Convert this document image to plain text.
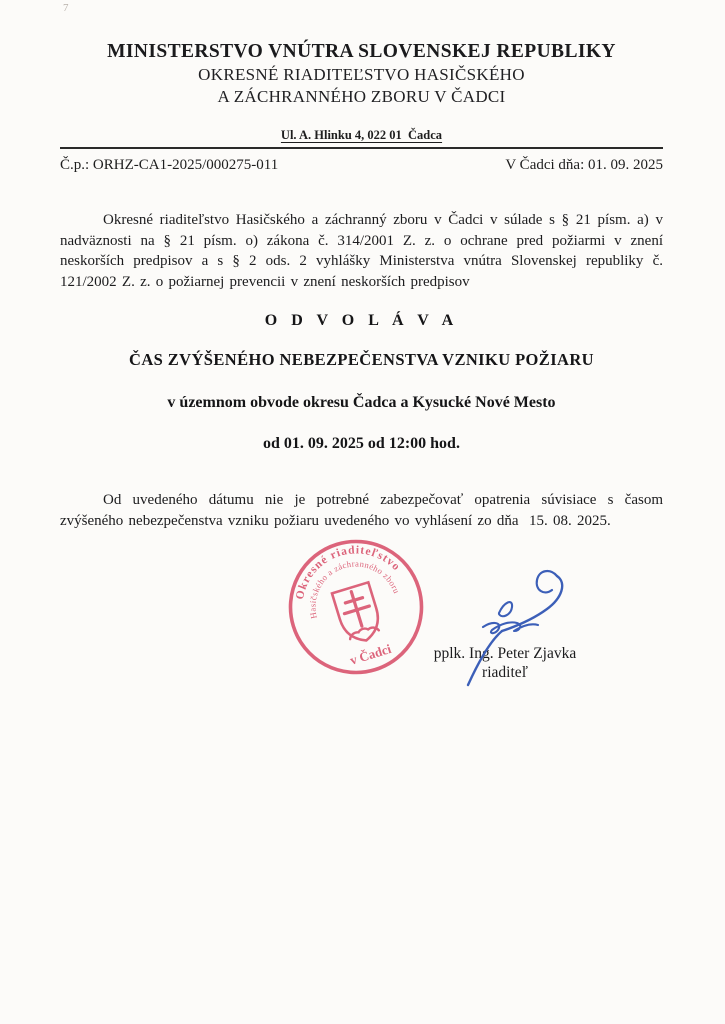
7
MINISTERSTVO VNÚTRA SLOVENSKEJ REPUBLIKY
OKRESNÉ RIADITEĽSTVO HASIČSKÉHO
A ZÁCHRANNÉHO ZBORU V ČADCI
Ul. A. Hlinku 4, 022 01  Čadca
Č.p.: ORHZ-CA1-2025/000275-011	V Čadci dňa: 01. 09. 2025

Okresné riaditeľstvo Hasičského a záchranný zboru v Čadci v súlade s § 21 písm. a) v nadväznosti na § 21 písm. o) zákona č. 314/2001 Z. z. o ochrane pred požiarmi v znení neskorších predpisov a s § 2 ods. 2 vyhlášky Ministerstva vnútra Slovenskej republiky č. 121/2002 Z. z. o požiarnej prevencii v znení neskorších predpisov

O D V O L Á V A
ČAS ZVÝŠENÉHO NEBEZPEČENSTVA VZNIKU POŽIARU
v územnom obvode okresu Čadca a Kysucké Nové Mesto
od 01. 09. 2025 od 12:00 hod.

Od uvedeného dátumu nie je potrebné zabezpečovať opatrenia súvisiace s časom zvýšeného nebezpečenstva vzniku požiaru uvedeného vo vyhlásení zo dňa  15. 08. 2025.

Okresné riaditeľstvo
Hasičského a záchranného zboru
v Čadci	pplk. Ing. Peter Zjavka
riaditeľ
